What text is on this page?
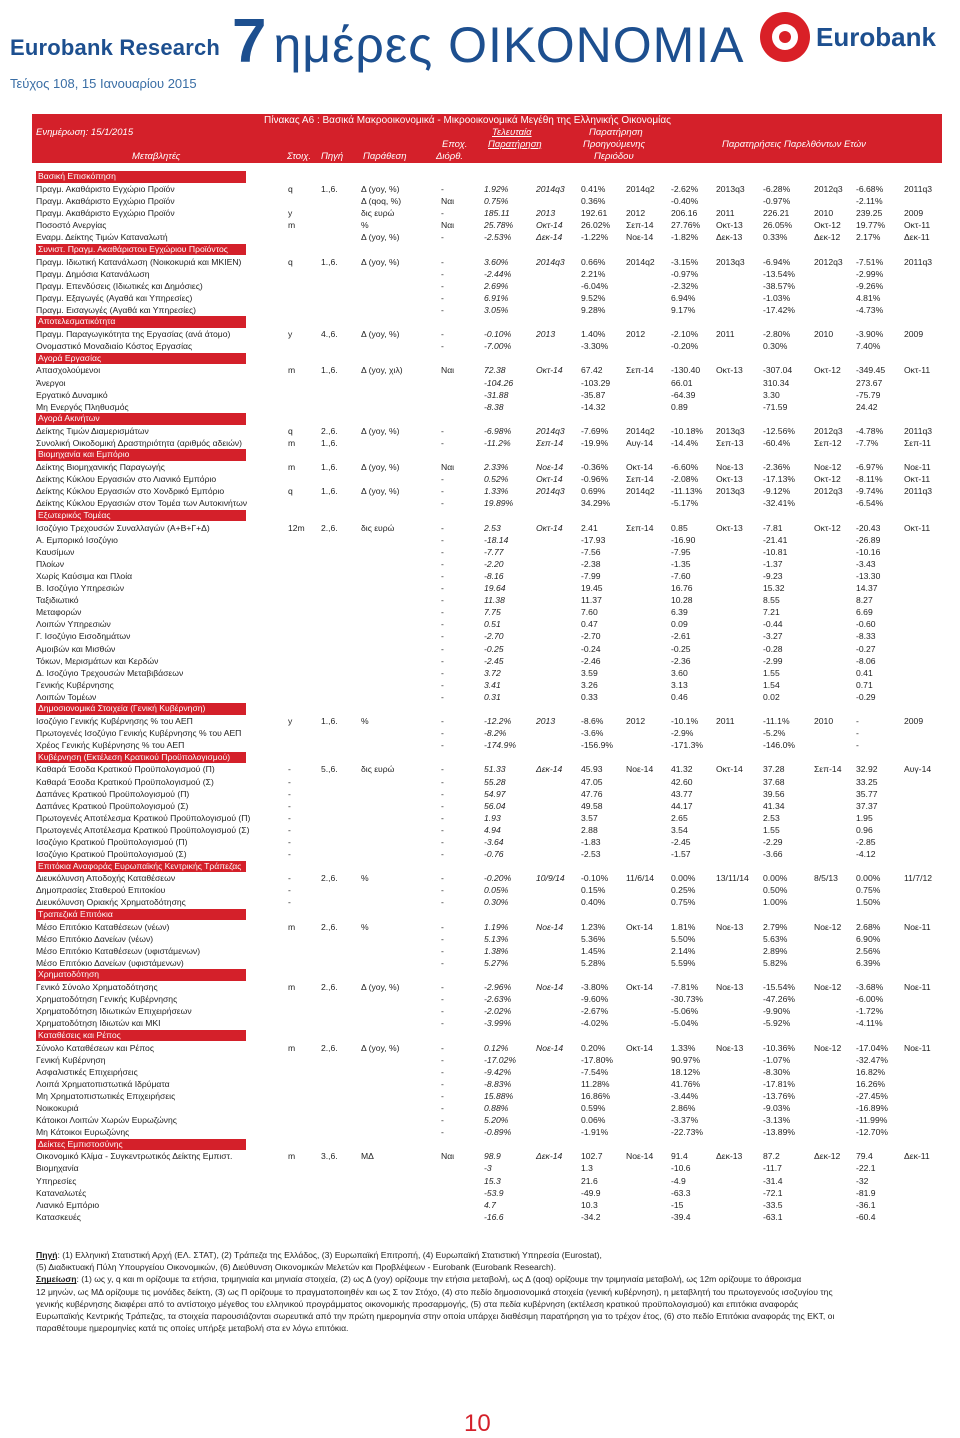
Eurobank Research
Τεύχος 108, 15 Ιανουαρίου 2015
7 ημέρες ΟΙΚΟΝΟΜΙΑ	Eurobank
Πίνακας Α6 : Βασικά Μακροοικονομικά - Μικροοικονομικά Μεγέθη της Ελληνικής Οικονομίας
Ενημέρωση: 15/1/2015
Μεταβλητές	Στοιχ. Πηγή Παράθεση
Εποχ.
Διόρθ.
Τελευταία
Παρατήρηση
Παρατήρηση
Προηγούμενης
Περιόδου
Παρατηρήσεις Παρελθόντων Ετών
Βασική Επισκόπηση
Πραγμ. Ακαθάριστο Εγχώριο Προϊόν	q	1.,6.	Δ (yoy, %)	-	1.92%	2014q3 0.41% 2014q2 -2.62% 2013q3 -6.28%	2012q3 -6.68% 2011q3
Πραγμ. Ακαθάριστο Εγχώριο Προϊόν	Δ (qoq, %)	Ναι	0.75%	0.36%	-0.40%	-0.97%	-2.11%
Πραγμ. Ακαθάριστο Εγχώριο Προϊόν	y	δις ευρώ	-	185.11	2013	192.61 2012	206.16 2011	226.21	2010	239.25	2009
Ποσοστό Ανεργίας	m	%	Ναι	25.78%	Οκτ-14 26.02% Σεπ-14 27.76% Οκτ-13 26.05%	Οκτ-12 19.77% Οκτ-11
Εναρμ. Δείκτης Τιμών Καταναλωτή	Δ (yoy, %)	-	-2.53%	Δεκ-14 -1.22% Νοε-14 -1.82% Δεκ-13 0.33%	Δεκ-12 2.17%	Δεκ-11
Συνιστ. Πραγμ. Ακαθάριστου Εγχώριου Προϊόντος
Πραγμ. Ιδιωτική Κατανάλωση (Νοικοκυριά και ΜΚΙΕΝ)	q	1.,6.	Δ (yoy, %)	-	3.60%	2014q3 0.66% 2014q2 -3.15% 2013q3 -6.94%	2012q3 -7.51% 2011q3
Πραγμ. Δημόσια Κατανάλωση	-	-2.44%	2.21%	-0.97%	-13.54%	-2.99%
Πραγμ. Επενδύσεις (Ιδιωτικές και Δημόσιες)	-	2.69%	-6.04%	-2.32%	-38.57%	-9.26%
Πραγμ. Εξαγωγές (Αγαθά και Υπηρεσίες)	-	6.91%	9.52%	6.94%	-1.03%	4.81%
Πραγμ. Εισαγωγές (Αγαθά και Υπηρεσίες)	-	3.05%	9.28%	9.17%	-17.42%	-4.73%
Αποτελεσματικότητα
Πραγμ. Παραγωγικότητα της Εργασίας (ανά άτομο)	y	4.,6.	Δ (yoy, %)	-	-0.10%	2013	1.40% 2012	-2.10% 2011	-2.80%	2010	-3.90% 2009
Ονομαστικό Μοναδιαίο Κόστος Εργασίας	-	-7.00%	-3.30%	-0.20%	0.30%	7.40%
Αγορά Εργασίας
Απασχολούμενοι	m	1.,6.	Δ (yoy, χιλ)	Ναι	72.38	Οκτ-14 67.42	Σεπ-14 -130.40 Οκτ-13 -307.04	Οκτ-12 -349.45 Οκτ-11
Άνεργοι	-104.26	-103.29	66.01	310.34	273.67
Εργατικό Δυναμικό	-31.88	-35.87	-64.39	3.30	-75.79
Μη Ενεργός Πληθυσμός	-8.38	-14.32	0.89	-71.59	24.42
Αγορά Ακινήτων
Δείκτης Τιμών Διαμερισμάτων	q	2.,6.	Δ (yoy, %)	-	-6.98%	2014q3 -7.69% 2014q2 -10.18% 2013q3 -12.56% 2012q3 -4.78% 2011q3
Συνολική Οικοδομική Δραστηριότητα (αριθμός αδειών)	m	1.,6.	-	-11.2%	Σεπ-14 -19.9% Αυγ-14 -14.4% Σεπ-13 -60.4%	Σεπ-12 -7.7%	Σεπ-11
Βιομηχανία και Εμπόριο
Δείκτης Βιομηχανικής Παραγωγής	m	1.,6.	Δ (yoy, %)	Ναι	2.33%	Νοε-14 -0.36% Οκτ-14 -6.60% Νοε-13 -2.36%	Νοε-12 -6.97% Νοε-11
Δείκτης Κύκλου Εργασιών στο Λιανικό Εμπόριο	-	0.52%	Οκτ-14 -0.96% Σεπ-14 -2.08% Οκτ-13 -17.13% Οκτ-12 -8.11% Οκτ-11
Δείκτης Κύκλου Εργασιών στο Χονδρικό Εμπόριο	q	1.,6.	Δ (yoy, %)	-	1.33%	2014q3 0.69% 2014q2 -11.13% 2013q3 -9.12%	2012q3 -9.74% 2011q3
Δείκτης Κύκλου Εργασιών στον Τομέα των Αυτοκινήτων	-	19.89%	34.29%	-5.17%	-32.41%	-6.54%
Εξωτερικός Τομέας
Ισοζύγιο Τρεχουσών Συναλλαγών (Α+Β+Γ+Δ)	12m 2.,6.	δις ευρώ	-	2.53	Οκτ-14 2.41	Σεπ-14 0.85	Οκτ-13 -7.81	Οκτ-12 -20.43	Οκτ-11
Α. Εμπορικό Ισοζύγιο	-	-18.14	-17.93	-16.90	-21.41	-26.89
Καυσίμων	-	-7.77	-7.56	-7.95	-10.81	-10.16
Πλοίων	-	-2.20	-2.38	-1.35	-1.37	-3.43
Χωρίς Καύσιμα και Πλοία	-	-8.16	-7.99	-7.60	-9.23	-13.30
Β. Ισοζύγιο Υπηρεσιών	-	19.64	19.45	16.76	15.32	14.37
Ταξιδιωτικό	-	11.38	11.37	10.28	8.55	8.27
Μεταφορών	-	7.75	7.60	6.39	7.21	6.69
Λοιπών Υπηρεσιών	-	0.51	0.47	0.09	-0.44	-0.60
Γ. Ισοζύγιο Εισοδημάτων	-	-2.70	-2.70	-2.61	-3.27	-8.33
Αμοιβών και Μισθών	-	-0.25	-0.24	-0.25	-0.28	-0.27
Τόκων, Μερισμάτων και Κερδών	-	-2.45	-2.46	-2.36	-2.99	-8.06
Δ. Ισοζύγιο Τρεχουσών Μεταβιβάσεων	-	3.72	3.59	3.60	1.55	0.41
Γενικής Κυβέρνησης	-	3.41	3.26	3.13	1.54	0.71
Λοιπών Τομέων	-	0.31	0.33	0.46	0.02	-0.29
Δημοσιονομικά Στοιχεία (Γενική Κυβέρνηση)
Ισοζύγιο Γενικής Κυβέρνησης % του ΑΕΠ	y	1.,6.	%	-	-12.2%	2013	-8.6%	2012	-10.1% 2011	-11.1%	2010	-	2009
Πρωτογενές Ισοζύγιο Γενικής Κυβέρνησης % του ΑΕΠ	-	-8.2%	-3.6%	-2.9%	-5.2%	-
Χρέος Γενικής Κυβέρνησης % του ΑΕΠ	-	-174.9%	-156.9%	-171.3%	-146.0%	-
Κυβέρνηση (Εκτέλεση Κρατικού Προϋπολογισμού)
Καθαρά Έσοδα Κρατικού Προϋπολογισμού (Π)	-	5.,6.	δις ευρώ	-	51.33	Δεκ-14 45.93	Νοε-14 41.32	Οκτ-14 37.28	Σεπ-14 32.92	Αυγ-14
Καθαρά Έσοδα Κρατικού Προϋπολογισμού (Σ)	-	-	55.28	47.05	42.60	37.68	33.25
Δαπάνες Κρατικού Προϋπολογισμού (Π)	-	-	54.97	47.76	43.77	39.56	35.77
Δαπάνες Κρατικού Προϋπολογισμού (Σ)	-	-	56.04	49.58	44.17	41.34	37.37
Πρωτογενές Αποτέλεσμα Κρατικού Προϋπολογισμού (Π)	-	-	1.93	3.57	2.65	2.53	1.95
Πρωτογενές Αποτέλεσμα Κρατικού Προϋπολογισμού (Σ)	-	-	4.94	2.88	3.54	1.55	0.96
Ισοζύγιο Κρατικού Προϋπολογισμού (Π)	-	-	-3.64	-1.83	-2.45	-2.29	-2.85
Ισοζύγιο Κρατικού Προϋπολογισμού (Σ)	-	-	-0.76	-2.53	-1.57	-3.66	-4.12
Επιτόκια Αναφοράς Ευρωπαϊκής Κεντρικής Τράπεζας
Διευκόλυνση Αποδοχής Καταθέσεων	-	2.,6.	%	-	-0.20%	10/9/14 -0.10% 11/6/14 0.00% 13/11/14 0.00%	8/5/13 0.00%	11/7/12
Δημοπρασίες Σταθερού Επιτοκίου	-	-	0.05%	0.15%	0.25%	0.50%	0.75%
Διευκόλυνση Οριακής Χρηματοδότησης	-	-	0.30%	0.40%	0.75%	1.00%	1.50%
Τραπεζικά Επιτόκια
Μέσο Επιτόκιο Καταθέσεων (νέων)	m	2.,6.	%	-	1.19%	Νοε-14 1.23% Οκτ-14 1.81% Νοε-13 2.79%	Νοε-12 2.68%	Νοε-11
Μέσο Επιτόκιο Δανείων (νέων)	-	5.13%	5.36%	5.50%	5.63%	6.90%
Μέσο Επιτόκιο Καταθέσεων (υφιστάμενων)	-	1.38%	1.45%	2.14%	2.89%	2.56%
Μέσο Επιτόκιο Δανείων (υφιστάμενων)	-	5.27%	5.28%	5.59%	5.82%	6.39%
Χρηματοδότηση
Γενικό Σύνολο Χρηματοδότησης	m	2.,6.	Δ (yoy, %)	-	-2.96%	Νοε-14 -3.80% Οκτ-14 -7.81% Νοε-13 -15.54% Νοε-12 -3.68% Νοε-11
Χρηματοδότηση Γενικής Κυβέρνησης	-	-2.63%	-9.60%	-30.73%	-47.26%	-6.00%
Χρηματοδότηση Ιδιωτικών Επιχειρήσεων	-	-2.02%	-2.67%	-5.06%	-9.90%	-1.72%
Χρηματοδότηση Ιδιωτών και ΜΚΙ	-	-3.99%	-4.02%	-5.04%	-5.92%	-4.11%
Καταθέσεις και Ρέπος
Σύνολο Καταθέσεων και Ρέπος	m	2.,6.	Δ (yoy, %)	-	0.12%	Νοε-14 0.20% Οκτ-14 1.33% Νοε-13 -10.36% Νοε-12 -17.04% Νοε-11
Γενική Κυβέρνηση	-	-17.02%	-17.80%	90.97%	-1.07%	-32.47%
Ασφαλιστικές Επιχειρήσεις	-	-9.42%	-7.54%	18.12%	-8.30%	16.82%
Λοιπά Χρηματοπιστωτικά Ιδρύματα	-	-8.83%	11.28%	41.76%	-17.81%	16.26%
Μη Χρηματοπιστωτικές Επιχειρήσεις	-	15.88%	16.86%	-3.44%	-13.76%	-27.45%
Νοικοκυριά	-	0.88%	0.59%	2.86%	-9.03%	-16.89%
Κάτοικοι Λοιπών Χωρών Ευρωζώνης	-	5.20%	0.06%	-3.37%	-3.13%	-11.99%
Μη Κάτοικοι Ευρωζώνης	-	-0.89%	-1.91%	-22.73%	-13.89%	-12.70%
Δείκτες Εμπιστοσύνης
Οικονομικό Κλίμα - Συγκεντρωτικός Δείκτης Εμπιστ.	m	3.,6.	ΜΔ	Ναι	98.9	Δεκ-14 102.7	Νοε-14 91.4	Δεκ-13 87.2	Δεκ-12 79.4	Δεκ-11
Βιομηχανία	-3	1.3	-10.6	-11.7	-22.1
Υπηρεσίες	15.3	21.6	-4.9	-31.4	-32
Καταναλωτές	-53.9	-49.9	-63.3	-72.1	-81.9
Λιανικό Εμπόριο	4.7	10.3	-15	-33.5	-36.1
Κατασκευές	-16.6	-34.2	-39.4	-63.1	-60.4
Πηγή: (1) Ελληνική Στατιστική Αρχή (ΕΛ. ΣΤΑΤ), (2) Τράπεζα της Ελλάδος, (3) Ευρωπαϊκή Επιτροπή, (4) Ευρωπαϊκή Στατιστική Υπηρεσία (Eurostat),
(5) Διαδικτυακή Πύλη Υπουργείου Οικονομικών, (6) Διεύθυνση Οικονομικών Μελετών και Προβλέψεων - Eurobank (Eurobank Research).
Σημείωση: (1) ως y, q και m ορίζουμε τα ετήσια, τριμηνιαία και μηνιαία στοιχεία, (2) ως Δ (yoy) ορίζουμε την ετήσια μεταβολή, ως Δ (qoq) ορίζουμε την τριμηνιαία μεταβολή, ως 12m ορίζουμε το άθροισμα
12 μηνών, ως ΜΔ ορίζουμε τις μονάδες δείκτη, (3) ως Π ορίζουμε το πραγματοποιηθέν και ως Σ τον Στόχο, (4) στο πεδίο δημοσιονομικά στοιχεία (γενική κυβέρνηση), η μεταβλητή του πρωτογενούς ισοζυγίου της
γενικής κυβέρνησης διαφέρει από το αντίστοιχο μέγεθος του ελληνικού προγράμματος οικονομικής προσαρμογής, (5) στα πεδία κυβέρνηση (εκτέλεση κρατικού προϋπολογισμού) και επιτόκια αναφοράς
Ευρωπαϊκής Κεντρικής Τράπεζας, τα στοιχεία παρουσιάζονται σωρευτικά από την πρώτη ημερομηνία στην οποία υπάρχει διαθέσιμη παρατήρηση για το τρέχον έτος, (6) στο πεδίο Επιτόκια αναφοράς της ΕΚΤ, οι
παραθέτουμε ημερομηνίες κατά τις οποίες υπήρξε μεταβολή στα εν λόγω επιτόκια.
10
